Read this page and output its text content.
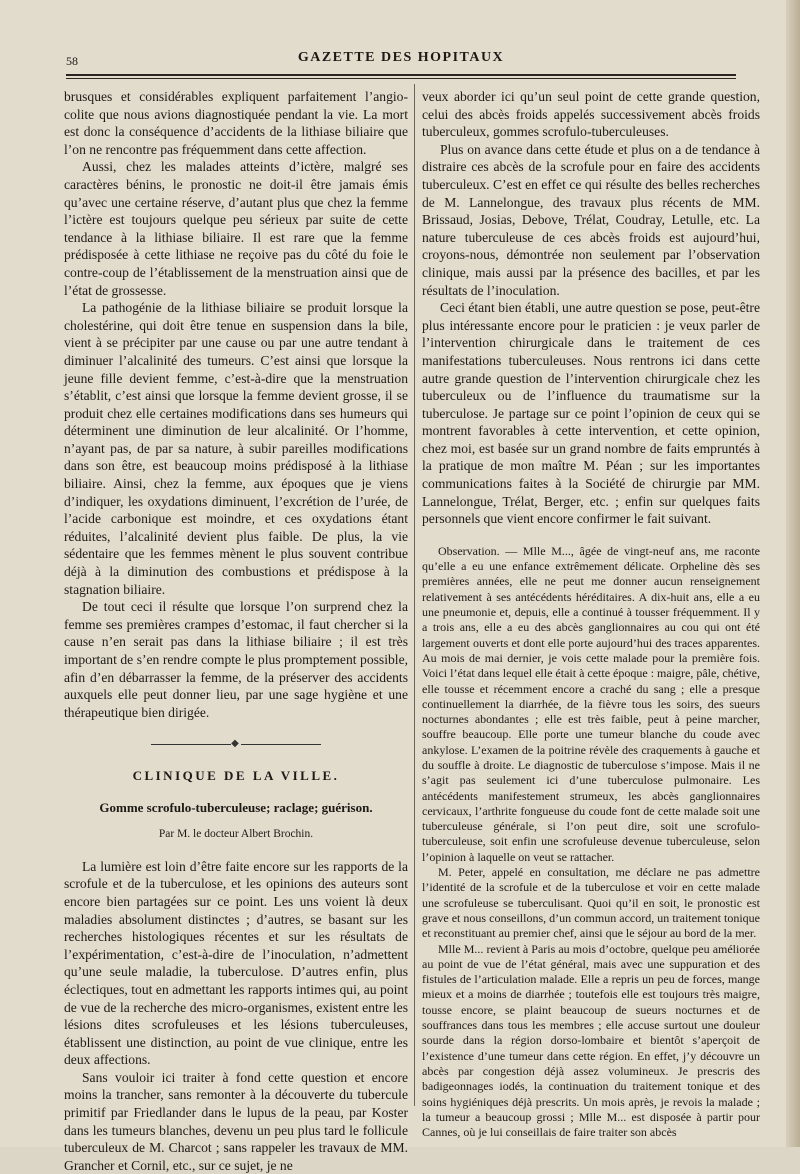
58	GAZETTE DES HOPITAUX

brusques et considérables expliquent parfaitement l’angio-colite que nous avions diagnostiquée pendant la vie. La mort est donc la conséquence d’accidents de la lithiase biliaire que l’on ne rencontre pas fréquemment dans cette affection.

Aussi, chez les malades atteints d’ictère, malgré ses caractères bénins, le pronostic ne doit-il être jamais émis qu’avec une certaine réserve, d’autant plus que chez la femme l’ictère est toujours quelque peu sérieux par suite de cette tendance à la lithiase biliaire. Il est rare que la femme prédisposée à cette lithiase ne reçoive pas du côté du foie le contre-coup de l’établissement de la menstruation ainsi que de l’état de grossesse.

La pathogénie de la lithiase biliaire se produit lorsque la cholestérine, qui doit être tenue en suspension dans la bile, vient à se précipiter par une cause ou par une autre tendant à diminuer l’alcalinité des tumeurs. C’est ainsi que lorsque la jeune fille devient femme, c’est-à-dire que la menstruation s’établit, c’est ainsi que lorsque la femme devient grosse, il se produit chez elle certaines modifications dans ses humeurs qui déterminent une diminution de leur alcalinité. Or l’homme, n’ayant pas, de par sa nature, à subir pareilles modifications dans son être, est beaucoup moins prédisposé à la lithiase biliaire. Ainsi, chez la femme, aux époques que je viens d’indiquer, les oxydations diminuent, l’excrétion de l’urée, de l’acide carbonique est moindre, et ces oxydations étant réduites, l’alcalinité devient plus faible. De plus, la vie sédentaire que les femmes mènent le plus souvent contribue déjà à la diminution des combustions et prédispose à la stagnation biliaire.

De tout ceci il résulte que lorsque l’on surprend chez la femme ses premières crampes d’estomac, il faut chercher si la cause n’en serait pas dans la lithiase biliaire ; il est très important de s’en rendre compte le plus promptement possible, afin d’en débarrasser la femme, de la préserver des accidents auxquels elle peut donner lieu, par une sage hygiène et une thérapeutique bien dirigée.

◆
CLINIQUE DE LA VILLE.
Gomme scrofulo-tuberculeuse; raclage; guérison.
Par M. le docteur Albert Brochin.

La lumière est loin d’être faite encore sur les rapports de la scrofule et de la tuberculose, et les opinions des auteurs sont encore bien partagées sur ce point. Les uns voient là deux maladies absolument distinctes ; d’autres, se basant sur les recherches histologiques récentes et sur les résultats de l’expérimentation, c’est-à-dire de l’inoculation, n’admettent qu’une seule maladie, la tuberculose. D’autres enfin, plus éclectiques, tout en admettant les rapports intimes qui, au point de vue de la recherche des micro-organismes, existent entre les lésions dites scrofuleuses et les lésions tuberculeuses, établissent une distinction, au point de vue clinique, entre les deux affections.

Sans vouloir ici traiter à fond cette question et encore moins la trancher, sans remonter à la découverte du tubercule primitif par Friedlander dans le lupus de la peau, par Koster dans les tumeurs blanches, devenu un peu plus tard le follicule tuberculeux de M. Charcot ; sans rappeler les travaux de MM. Grancher et Cornil, etc., sur ce sujet, je ne

veux aborder ici qu’un seul point de cette grande question, celui des abcès froids appelés successivement abcès froids tuberculeux, gommes scrofulo-tuberculeuses.

Plus on avance dans cette étude et plus on a de tendance à distraire ces abcès de la scrofule pour en faire des accidents tuberculeux. C’est en effet ce qui résulte des belles recherches de M. Lannelongue, des travaux plus récents de MM. Brissaud, Josias, Debove, Trélat, Coudray, Letulle, etc. La nature tuberculeuse de ces abcès froids est aujourd’hui, croyons-nous, démontrée non seulement par l’observation clinique, mais aussi par la présence des bacilles, et par les résultats de l’inoculation.

Ceci étant bien établi, une autre question se pose, peut-être plus intéressante encore pour le praticien : je veux parler de l’intervention chirurgicale dans le traitement de ces manifestations tuberculeuses. Nous rentrons ici dans cette autre grande question de l’intervention chirurgicale chez les tuberculeux ou de l’influence du traumatisme sur la tuberculose. Je partage sur ce point l’opinion de ceux qui se montrent favorables à cette intervention, et cette opinion, chez moi, est basée sur un grand nombre de faits empruntés à la pratique de mon maître M. Péan ; sur les importantes communications faites à la Société de chirurgie par MM. Lannelongue, Trélat, Berger, etc. ; enfin sur quelques faits personnels que vient encore confirmer le fait suivant.

Observation. — Mlle M..., âgée de vingt-neuf ans, me raconte qu’elle a eu une enfance extrêmement délicate. Orpheline dès ses premières années, elle ne peut me donner aucun renseignement relativement à ses antécédents héréditaires. A dix-huit ans, elle a eu une pneumonie et, depuis, elle a continué à tousser fréquemment. Il y a trois ans, elle a eu des abcès ganglionnaires au cou qui ont été largement ouverts et dont elle porte aujourd’hui des traces apparentes. Au mois de mai dernier, je vois cette malade pour la première fois. Voici l’état dans lequel elle était à cette époque : maigre, pâle, chétive, elle tousse et récemment encore a craché du sang ; elle a presque continuellement la diarrhée, de la fièvre tous les soirs, des sueurs nocturnes abondantes ; elle est très faible, peut à peine marcher, souffre beaucoup. Elle porte une tumeur blanche du coude avec ankylose. L’examen de la poitrine révèle des craquements à gauche et du souffle à droite. Le diagnostic de tuberculose s’impose. Mais il ne s’agit pas seulement ici d’une tuberculose pulmonaire. Les antécédents manifestement strumeux, les abcès ganglionnaires cervicaux, l’arthrite fongueuse du coude font de cette malade soit une tuberculeuse générale, si l’on peut dire, soit une scrofulo-tuberculeuse, soit enfin une scrofuleuse devenue tuberculeuse, selon l’opinion à laquelle on veut se rattacher.

M. Peter, appelé en consultation, me déclare ne pas admettre l’identité de la scrofule et de la tuberculose et voir en cette malade une scrofuleuse se tuberculisant. Quoi qu’il en soit, le pronostic est grave et nous conseillons, d’un commun accord, un traitement tonique et reconstituant au premier chef, ainsi que le séjour au bord de la mer.

Mlle M... revient à Paris au mois d’octobre, quelque peu améliorée au point de vue de l’état général, mais avec une suppuration et des fistules de l’articulation malade. Elle a repris un peu de forces, mange mieux et a moins de diarrhée ; toutefois elle est toujours très maigre, tousse encore, se plaint beaucoup de sueurs nocturnes et de souffrances dans tous les membres ; elle accuse surtout une douleur sourde dans la région dorso-lombaire et bientôt s’aperçoit de l’existence d’une tumeur dans cette région. En effet, j’y découvre un abcès par congestion déjà assez volumineux. Je prescris des badigeonnages iodés, la continuation du traitement tonique et des soins hygiéniques déjà prescrits. Un mois après, je revois la malade ; la tumeur a beaucoup grossi ; Mlle M... est disposée à partir pour Cannes, où je lui conseillais de faire traiter son abcès
